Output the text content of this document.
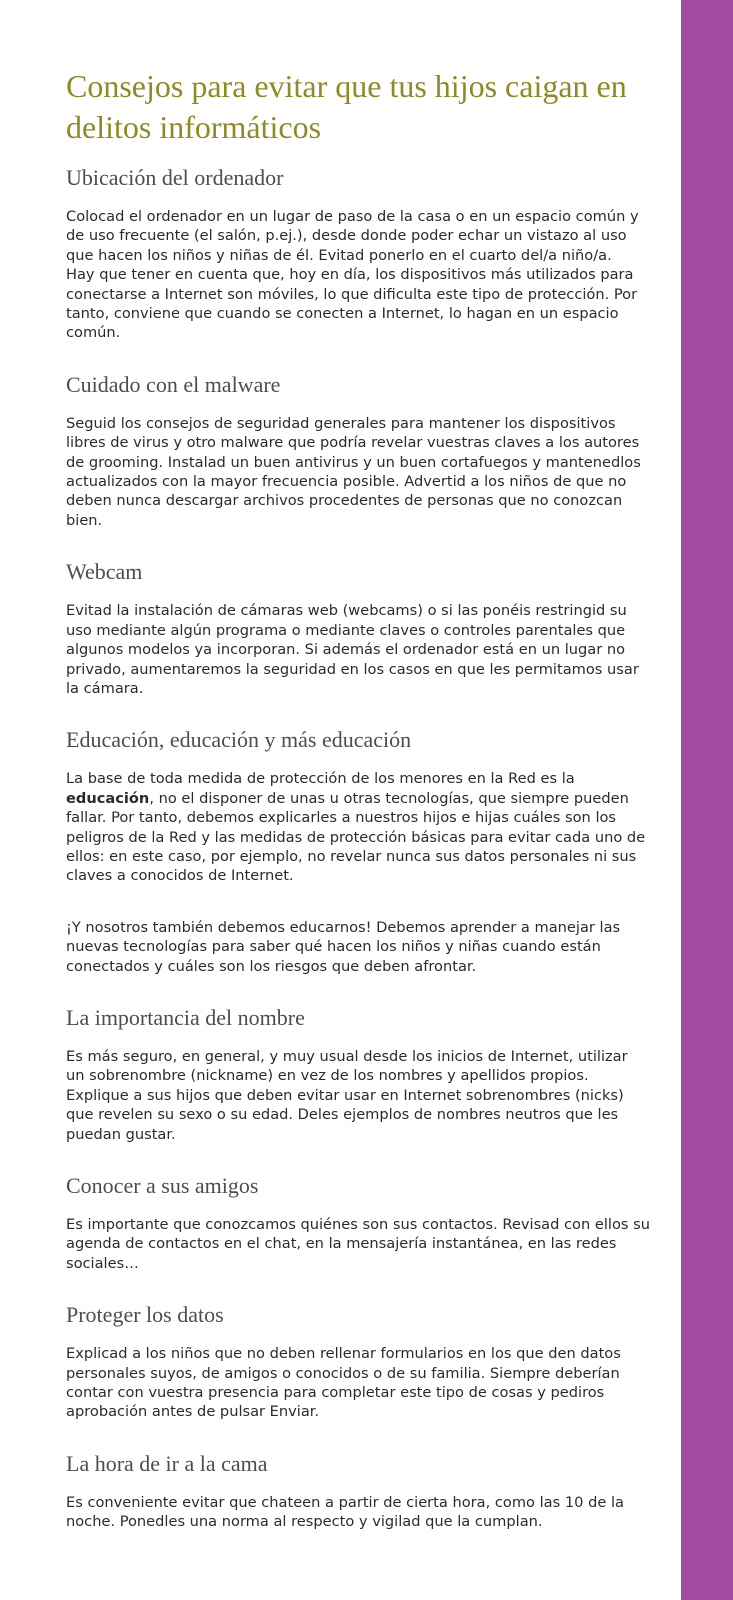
Consejos para evitar que tus hijos caigan en delitos informáticos
Ubicación del ordenador

Colocad el ordenador en un lugar de paso de la casa o en un espacio común y de uso frecuente (el salón, p.ej.), desde donde poder echar un vistazo al uso que hacen los niños y niñas de él. Evitad ponerlo en el cuarto del/a niño/a.

Hay que tener en cuenta que, hoy en día, los dispositivos más utilizados para conectarse a Internet son móviles, lo que dificulta este tipo de protección. Por tanto, conviene que cuando se conecten a Internet, lo hagan en un espacio común.

Cuidado con el malware

Seguid los consejos de seguridad generales para mantener los dispositivos libres de virus y otro malware que podría revelar vuestras claves a los autores de grooming. Instalad un buen antivirus y un buen cortafuegos y mantenedlos actualizados con la mayor frecuencia posible. Advertid a los niños de que no deben nunca descargar archivos procedentes de personas que no conozcan bien.

Webcam

Evitad la instalación de cámaras web (webcams) o si las ponéis restringid su uso mediante algún programa o mediante claves o controles parentales que algunos modelos ya incorporan. Si además el ordenador está en un lugar no privado, aumentaremos la seguridad en los casos en que les permitamos usar la cámara.

Educación, educación y más educación

La base de toda medida de protección de los menores en la Red es la educación, no el disponer de unas u otras tecnologías, que siempre pueden fallar. Por tanto, debemos explicarles a nuestros hijos e hijas cuáles son los peligros de la Red y las medidas de protección básicas para evitar cada uno de ellos: en este caso, por ejemplo, no revelar nunca sus datos personales ni sus claves a conocidos de Internet.

¡Y nosotros también debemos educarnos! Debemos aprender a manejar las nuevas tecnologías para saber qué hacen los niños y niñas cuando están conectados y cuáles son los riesgos que deben afrontar.

La importancia del nombre

Es más seguro, en general, y muy usual desde los inicios de Internet, utilizar un sobrenombre (nickname) en vez de los nombres y apellidos propios. Explique a sus hijos que deben evitar usar en Internet sobrenombres (nicks) que revelen su sexo o su edad. Deles ejemplos de nombres neutros que les puedan gustar.

Conocer a sus amigos

Es importante que conozcamos quiénes son sus contactos. Revisad con ellos su agenda de contactos en el chat, en la mensajería instantánea, en las redes sociales…

Proteger los datos

Explicad a los niños que no deben rellenar formularios en los que den datos personales suyos, de amigos o conocidos o de su familia. Siempre deberían contar con vuestra presencia para completar este tipo de cosas y pediros aprobación antes de pulsar Enviar.

La hora de ir a la cama

Es conveniente evitar que chateen a partir de cierta hora, como las 10 de la noche. Ponedles una norma al respecto y vigilad que la cumplan.
